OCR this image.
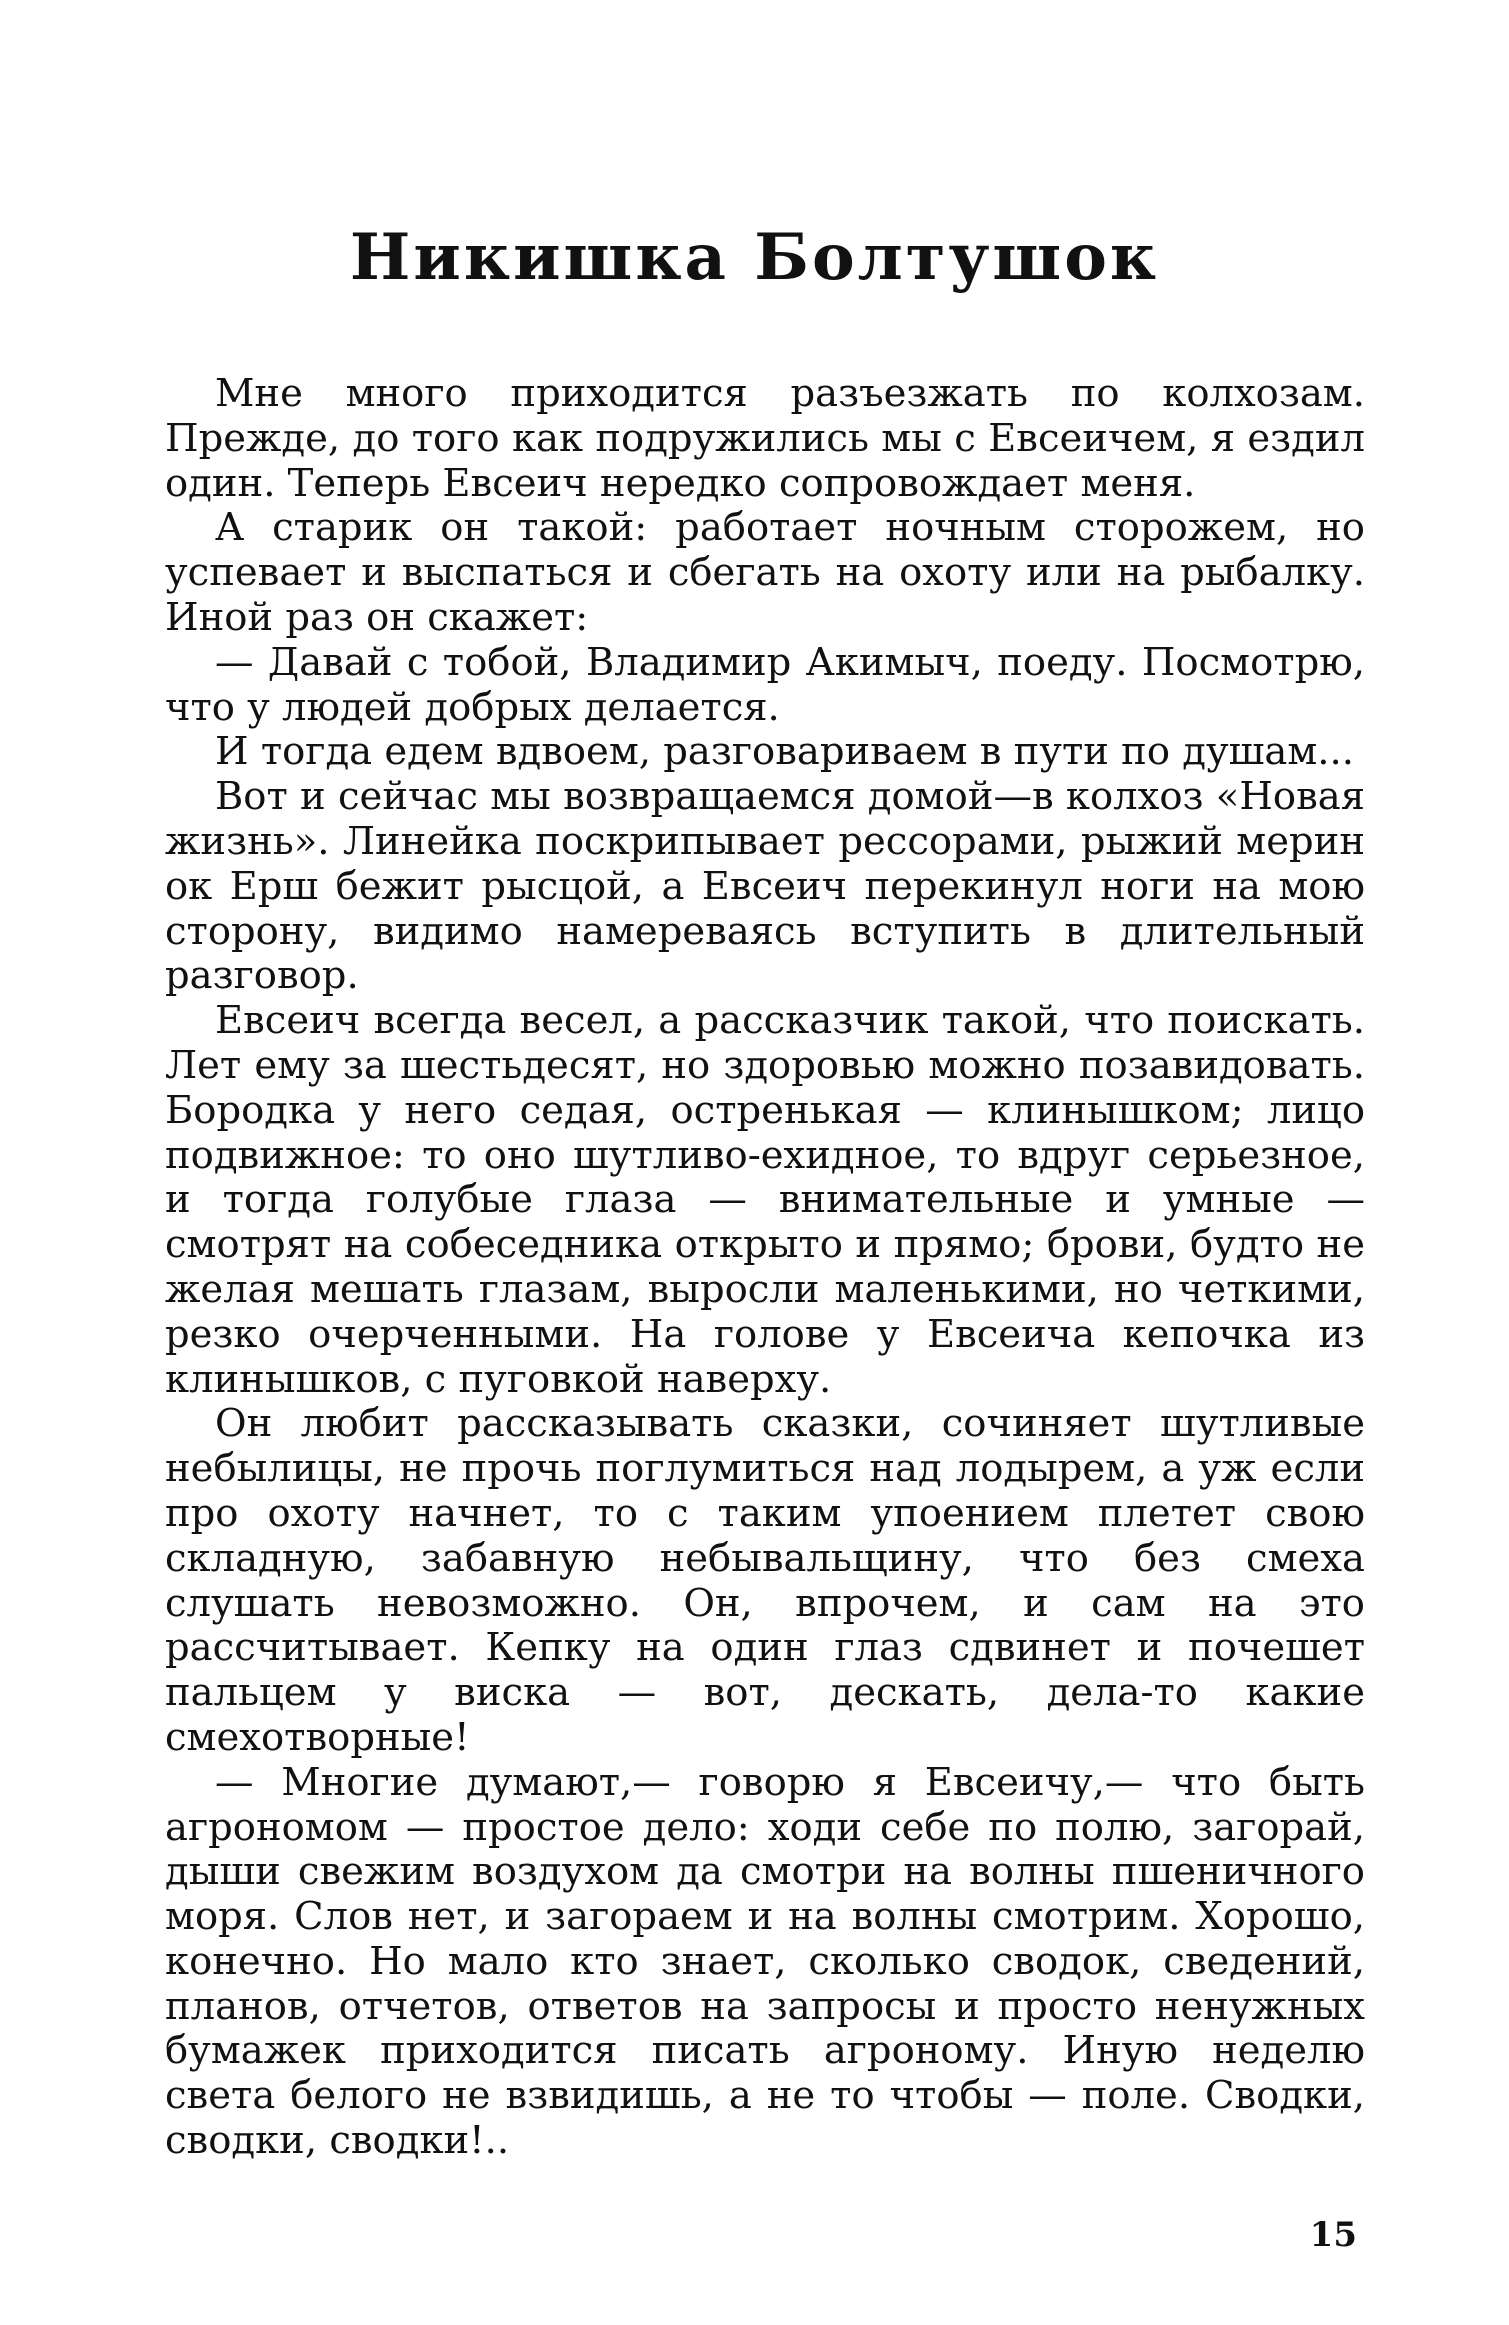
Никишка Болтушок

Мне много приходится разъезжать по колхозам. Прежде, до того как подружились мы с Евсеичем, я ездил один. Теперь Евсеич нередко сопровождает меня.

А старик он такой: работает ночным сторожем, но успевает и выспаться и сбегать на охоту или на рыбалку. Иной раз он скажет:

— Давай с тобой, Владимир Акимыч, поеду. Посмотрю, что у людей добрых делается.

И тогда едем вдвоем, разговариваем в пути по душам...

Вот и сейчас мы возвращаемся домой—в колхоз «Новая жизнь». Линейка поскрипывает рессорами, рыжий мерин ок Ерш бежит рысцой, а Евсеич перекинул ноги на мою сторону, видимо намереваясь вступить в длительный разговор.

Евсеич всегда весел, а рассказчик такой, что поискать. Лет ему за шестьдесят, но здоровью можно позавидовать. Бородка у него седая, остренькая — клинышком; лицо подвижное: то оно шутливо-ехидное, то вдруг серьезное, и тогда голубые глаза — внимательные и умные — смотрят на собеседника открыто и прямо; брови, будто не желая мешать глазам, выросли маленькими, но четкими, резко очерченными. На голове у Евсеича кепочка из клинышков, с пуговкой наверху.

Он любит рассказывать сказки, сочиняет шутливые небылицы, не прочь поглумиться над лодырем, а уж если про охоту начнет, то с таким упоением плетет свою складную, забавную небывальщину, что без смеха слушать невозможно. Он, впрочем, и сам на это рассчитывает. Кепку на один глаз сдвинет и почешет пальцем у виска — вот, дескать, дела-то какие смехотворные!

— Многие думают,— говорю я Евсеичу,— что быть агрономом — простое дело: ходи себе по полю, загорай, дыши свежим воздухом да смотри на волны пшеничного моря. Слов нет, и загораем и на волны смотрим. Хорошо, конечно. Но мало кто знает, сколько сводок, сведений, планов, отчетов, ответов на запросы и просто ненужных бумажек приходится писать агроному. Иную неделю света белого не взвидишь, а не то чтобы — поле. Сводки, сводки, сводки!..

15
